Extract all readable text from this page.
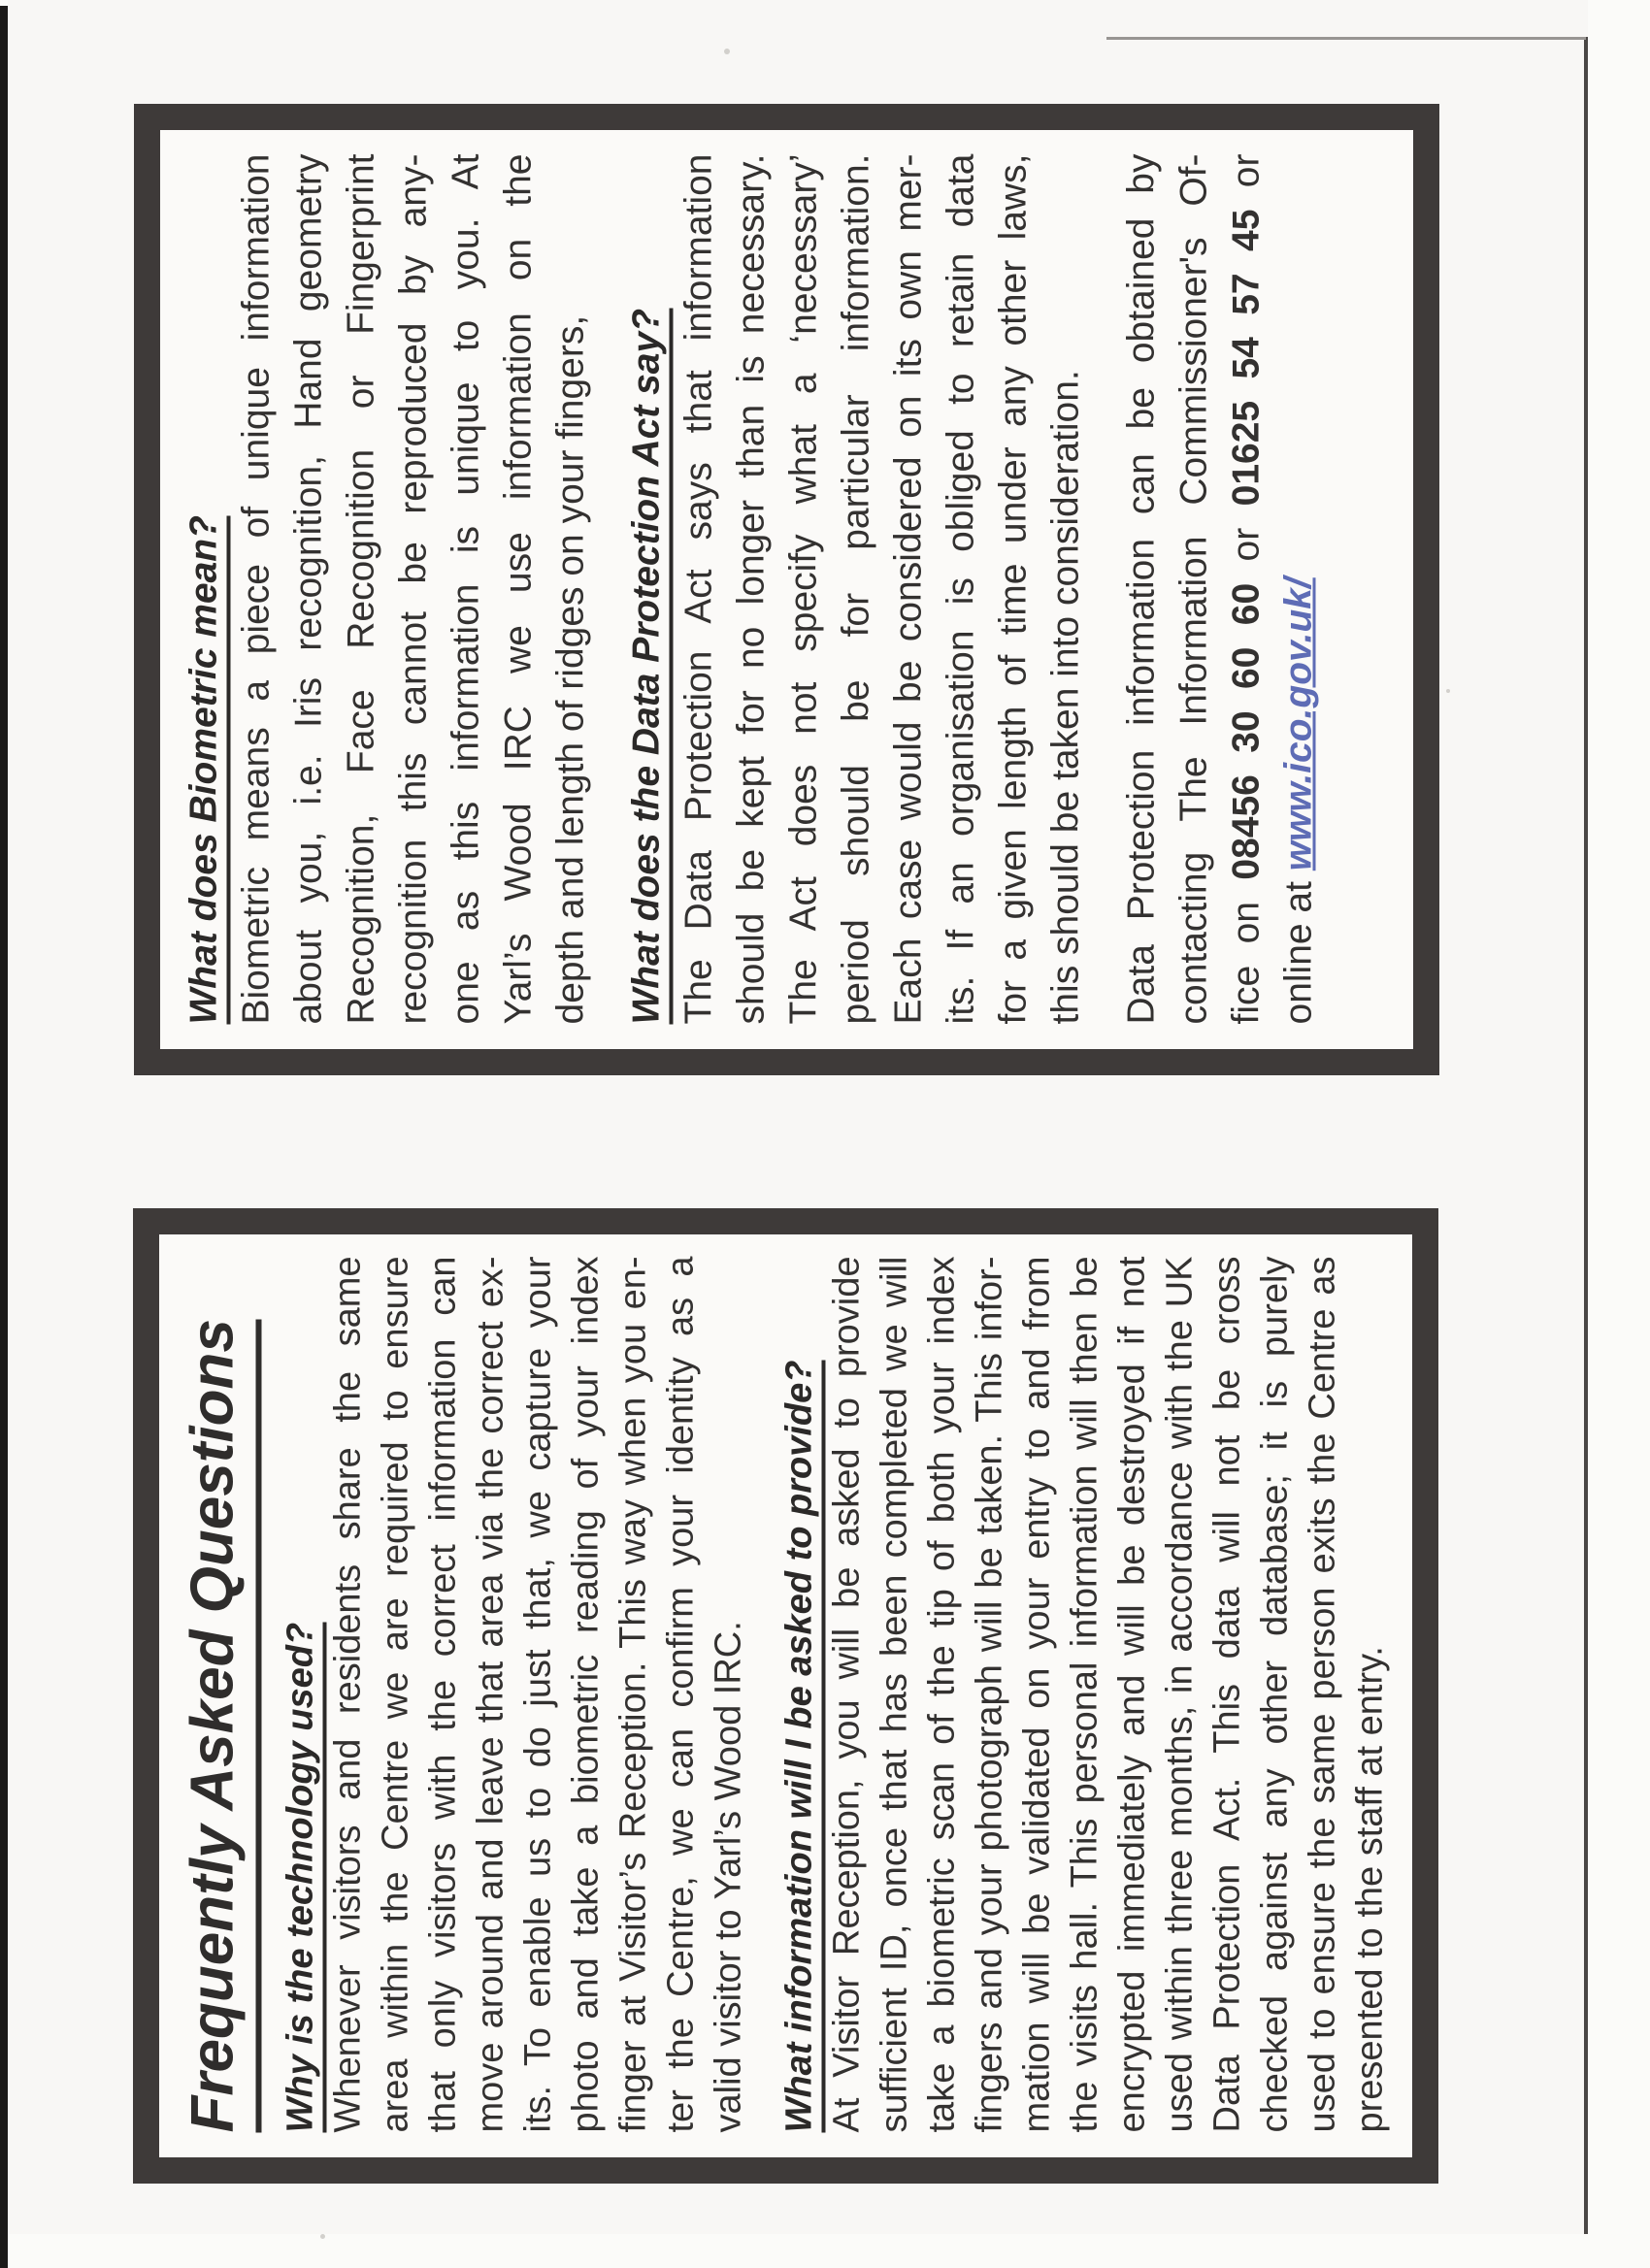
What does Biometric mean? Biometric means a piece of unique information about you, i.e. Iris recognition, Hand geometry Recognition, Face Recognition or Fingerprint recognition this cannot be reproduced by any- one as this information is unique to you. At Yarl’s Wood IRC we use information on the depth and length of ridges on your fingers, What does the Data Protection Act say? The Data Protection Act says that information should be kept for no longer than is necessary. The Act does not specify what a ‘necessary’ period should be for particular information. Each case would be considered on its own mer- its. If an organisation is obliged to retain data for a given length of time under any other laws, this should be taken into consideration. Data Protection information can be obtained by contacting The Information Commissioner's Of- fice on 08456 30 60 60 or 01625 54 57 45 or
online at www.ico.gov.uk/
Frequently Asked Questions Why is the technology used? Whenever visitors and residents share the same area within the Centre we are required to ensure that only visitors with the correct information can move around and leave that area via the correct ex- its. To enable us to do just that, we capture your photo and take a biometric reading of your index finger at Visitor’s Reception. This way when you en- ter the Centre, we can confirm your identity as a valid visitor to Yarl’s Wood IRC. What information will I be asked to provide? At Visitor Reception, you will be asked to provide sufficient ID, once that has been completed we will take a biometric scan of the tip of both your index fingers and your photograph will be taken. This infor- mation will be validated on your entry to and from the visits hall. This personal information will then be encrypted immediately and will be destroyed if not used within three months, in accordance with the UK Data Protection Act. This data will not be cross checked against any other database; it is purely used to ensure the same person exits the Centre as presented to the staff at entry.
